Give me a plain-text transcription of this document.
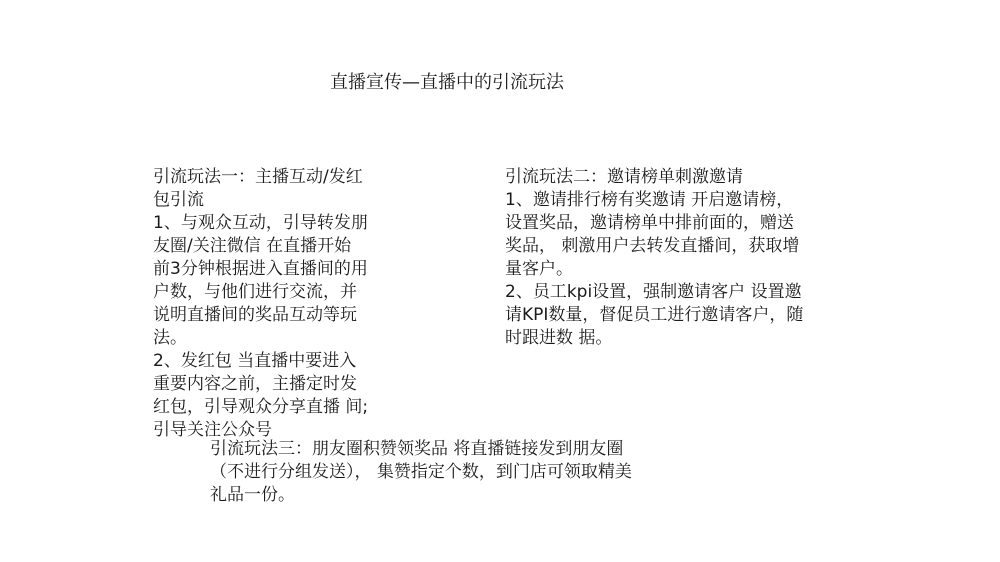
直播宣传—直播中的引流玩法
引流玩法一：主播互动/发红
包引流
1、与观众互动，引导转发朋
友圈/关注微信 在直播开始
前3分钟根据进入直播间的用
户数，与他们进行交流，并
说明直播间的奖品互动等玩
法。
2、发红包 当直播中要进入
重要内容之前，主播定时发
红包，引导观众分享直播 间;
引导关注公众号
引流玩法二：邀请榜单刺激邀请
1、邀请排行榜有奖邀请 开启邀请榜，
设置奖品，邀请榜单中排前面的，赠送
奖品， 刺激用户去转发直播间，获取增
量客户。
2、员工kpi设置，强制邀请客户 设置邀
请KPI数量，督促员工进行邀请客户，随
时跟进数 据。
引流玩法三：朋友圈积赞领奖品 将直播链接发到朋友圈
（不进行分组发送）， 集赞指定个数，到门店可领取精美
礼品一份。
